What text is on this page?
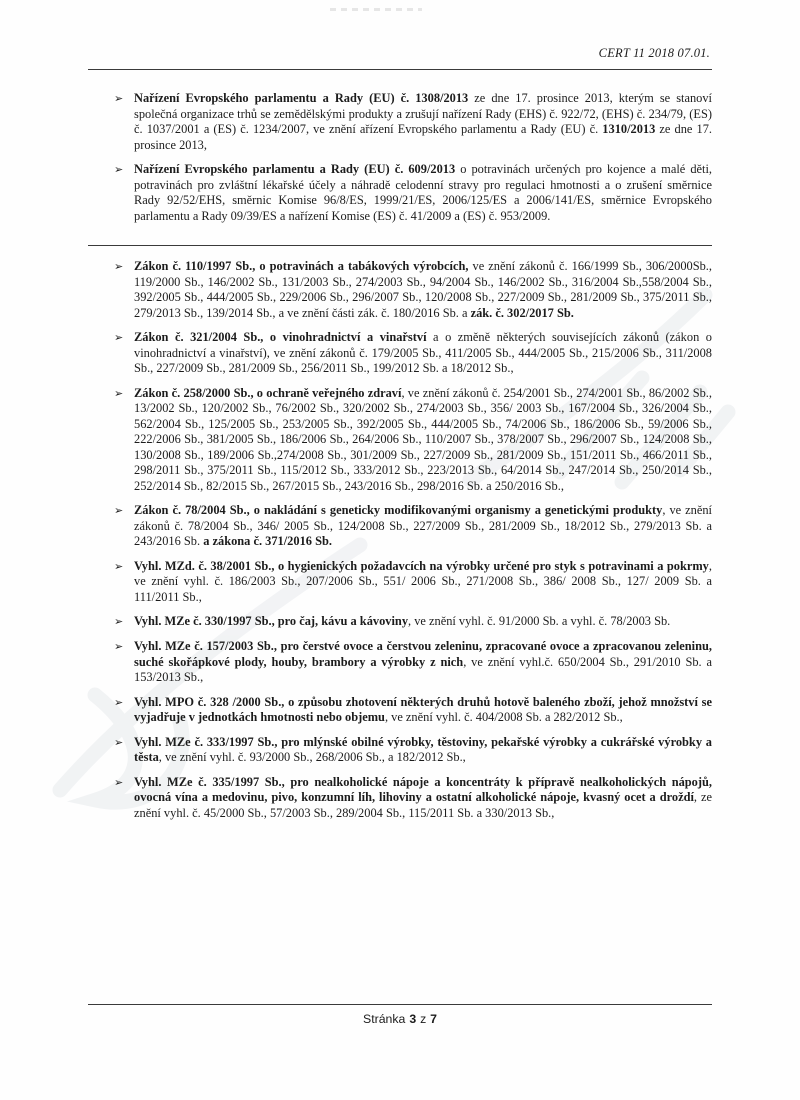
CERT 11 2018 07.01.
➢ Nařízení Evropského parlamentu a Rady (EU) č. 1308/2013 ze dne 17. prosince 2013, kterým se stanoví společná organizace trhů se zemědělskými produkty a zrušují nařízení Rady (EHS) č. 922/72, (EHS) č. 234/79, (ES) č. 1037/2001 a (ES) č. 1234/2007, ve znění ařízení Evropského parlamentu a Rady (EU) č. 1310/2013 ze dne 17. prosince 2013,

➢ Nařízení Evropského parlamentu a Rady (EU) č. 609/2013 o potravinách určených pro kojence a malé děti, potravinách pro zvláštní lékařské účely a náhradě celodenní stravy pro regulaci hmotnosti a o zrušení směrnice Rady 92/52/EHS, směrnic Komise 96/8/ES, 1999/21/ES, 2006/125/ES a 2006/141/ES, směrnice Evropského parlamentu a Rady 09/39/ES a nařízení Komise (ES) č. 41/2009 a (ES) č. 953/2009.

➢ Zákon č. 110/1997 Sb., o potravinách a tabákových výrobcích, ve znění zákonů č. 166/1999 Sb., 306/2000Sb., 119/2000 Sb., 146/2002 Sb., 131/2003 Sb., 274/2003 Sb., 94/2004 Sb., 146/2002 Sb., 316/2004 Sb.,558/2004 Sb., 392/2005 Sb., 444/2005 Sb., 229/2006 Sb., 296/2007 Sb., 120/2008 Sb., 227/2009 Sb., 281/2009 Sb., 375/2011 Sb., 279/2013 Sb., 139/2014 Sb., a ve znění části zák. č. 180/2016 Sb. a zák. č. 302/2017 Sb.

➢ Zákon č. 321/2004 Sb., o vinohradnictví a vinařství a o změně některých souvisejících zákonů (zákon o vinohradnictví a vinařství), ve znění zákonů č. 179/2005 Sb., 411/2005 Sb., 444/2005 Sb., 215/2006 Sb., 311/2008 Sb., 227/2009 Sb., 281/2009 Sb., 256/2011 Sb., 199/2012 Sb. a 18/2012 Sb.,

➢ Zákon č. 258/2000 Sb., o ochraně veřejného zdraví, ve znění zákonů č. 254/2001 Sb., 274/2001 Sb., 86/2002 Sb., 13/2002 Sb., 120/2002 Sb., 76/2002 Sb., 320/2002 Sb., 274/2003 Sb., 356/ 2003 Sb., 167/2004 Sb., 326/2004 Sb., 562/2004 Sb., 125/2005 Sb., 253/2005 Sb., 392/2005 Sb., 444/2005 Sb., 74/2006 Sb., 186/2006 Sb., 59/2006 Sb., 222/2006 Sb., 381/2005 Sb., 186/2006 Sb., 264/2006 Sb., 110/2007 Sb., 378/2007 Sb., 296/2007 Sb., 124/2008 Sb., 130/2008 Sb., 189/2006 Sb.,274/2008 Sb., 301/2009 Sb., 227/2009 Sb., 281/2009 Sb., 151/2011 Sb., 466/2011 Sb., 298/2011 Sb., 375/2011 Sb., 115/2012 Sb., 333/2012 Sb., 223/2013 Sb., 64/2014 Sb., 247/2014 Sb., 250/2014 Sb., 252/2014 Sb., 82/2015 Sb., 267/2015 Sb., 243/2016 Sb., 298/2016 Sb. a 250/2016 Sb.,

➢ Zákon č. 78/2004 Sb., o nakládání s geneticky modifikovanými organismy a genetickými produkty, ve znění zákonů č. 78/2004 Sb., 346/ 2005 Sb., 124/2008 Sb., 227/2009 Sb., 281/2009 Sb., 18/2012 Sb., 279/2013 Sb. a 243/2016 Sb. a zákona č. 371/2016 Sb.

➢ Vyhl. MZd. č. 38/2001 Sb., o hygienických požadavcích na výrobky určené pro styk s potravinami a pokrmy, ve znění vyhl. č. 186/2003 Sb., 207/2006 Sb., 551/ 2006 Sb., 271/2008 Sb., 386/ 2008 Sb., 127/ 2009 Sb. a 111/2011 Sb.,

➢ Vyhl. MZe č. 330/1997 Sb., pro čaj, kávu a kávoviny, ve znění vyhl. č. 91/2000 Sb. a vyhl. č. 78/2003 Sb.

➢ Vyhl. MZe č. 157/2003 Sb., pro čerstvé ovoce a čerstvou zeleninu, zpracované ovoce a zpracovanou zeleninu, suché skořápkové plody, houby, brambory a výrobky z nich, ve znění vyhl.č. 650/2004 Sb., 291/2010 Sb. a 153/2013 Sb.,

➢ Vyhl. MPO č. 328 /2000 Sb., o způsobu zhotovení některých druhů hotově baleného zboží, jehož množství se vyjadřuje v jednotkách hmotnosti nebo objemu, ve znění vyhl. č. 404/2008 Sb. a 282/2012 Sb.,

➢ Vyhl. MZe č. 333/1997 Sb., pro mlýnské obilné výrobky, těstoviny, pekařské výrobky a cukrářské výrobky a těsta, ve znění vyhl. č. 93/2000 Sb., 268/2006 Sb., a 182/2012 Sb.,

➢ Vyhl. MZe č. 335/1997 Sb., pro nealkoholické nápoje a koncentráty k přípravě nealkoholických nápojů, ovocná vína a medovinu, pivo, konzumní líh, lihoviny a ostatní alkoholické nápoje, kvasný ocet a droždí, ze znění vyhl. č. 45/2000 Sb., 57/2003 Sb., 289/2004 Sb., 115/2011 Sb. a 330/2013 Sb.,

Stránka 3 z 7
